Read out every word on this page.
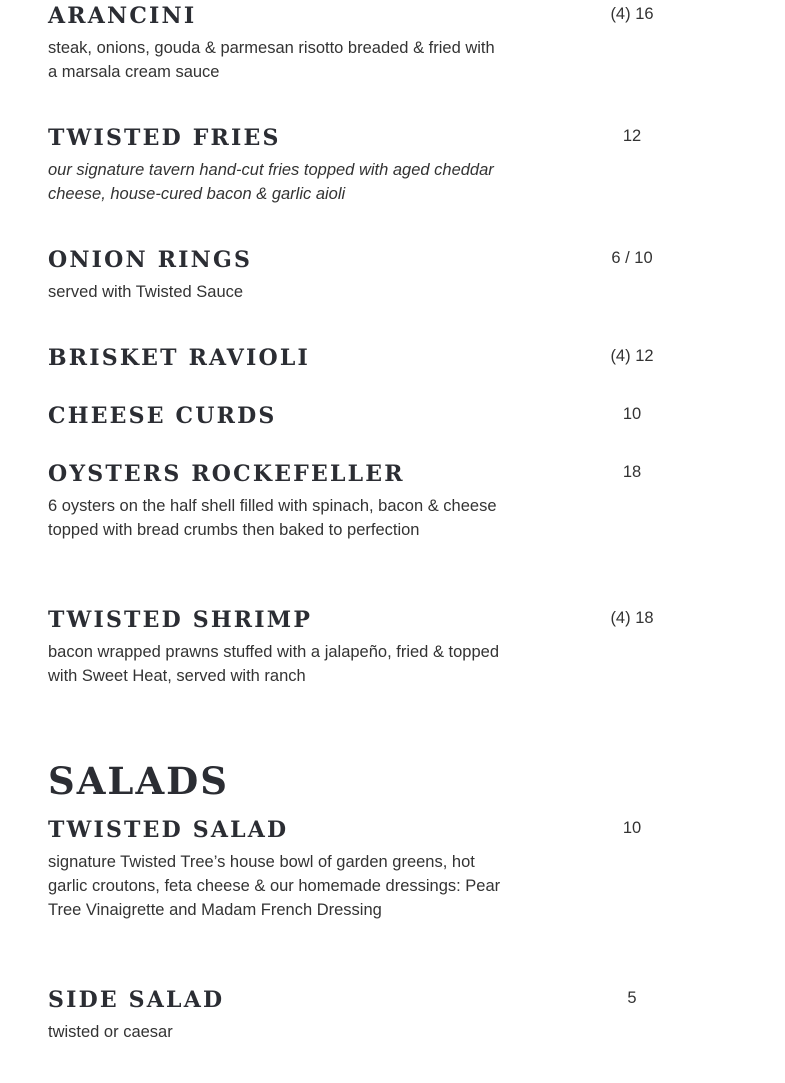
ARANCINI	(4) 16
steak, onions, gouda & parmesan risotto breaded & fried with a marsala cream sauce
TWISTED FRIES	12
our signature tavern hand-cut fries topped with aged cheddar cheese, house-cured bacon & garlic aioli
ONION RINGS	6 / 10
served with Twisted Sauce
BRISKET RAVIOLI	(4) 12
CHEESE CURDS	10
OYSTERS ROCKEFELLER	18
6 oysters on the half shell filled with spinach, bacon & cheese topped with bread crumbs then baked to perfection
TWISTED SHRIMP	(4) 18
bacon wrapped prawns stuffed with a jalapeño, fried & topped with Sweet Heat, served with ranch
SALADS
TWISTED SALAD	10
signature Twisted Tree’s house bowl of garden greens, hot garlic croutons, feta cheese & our homemade dressings: Pear Tree Vinaigrette and Madam French Dressing
SIDE SALAD	5
twisted or caesar
